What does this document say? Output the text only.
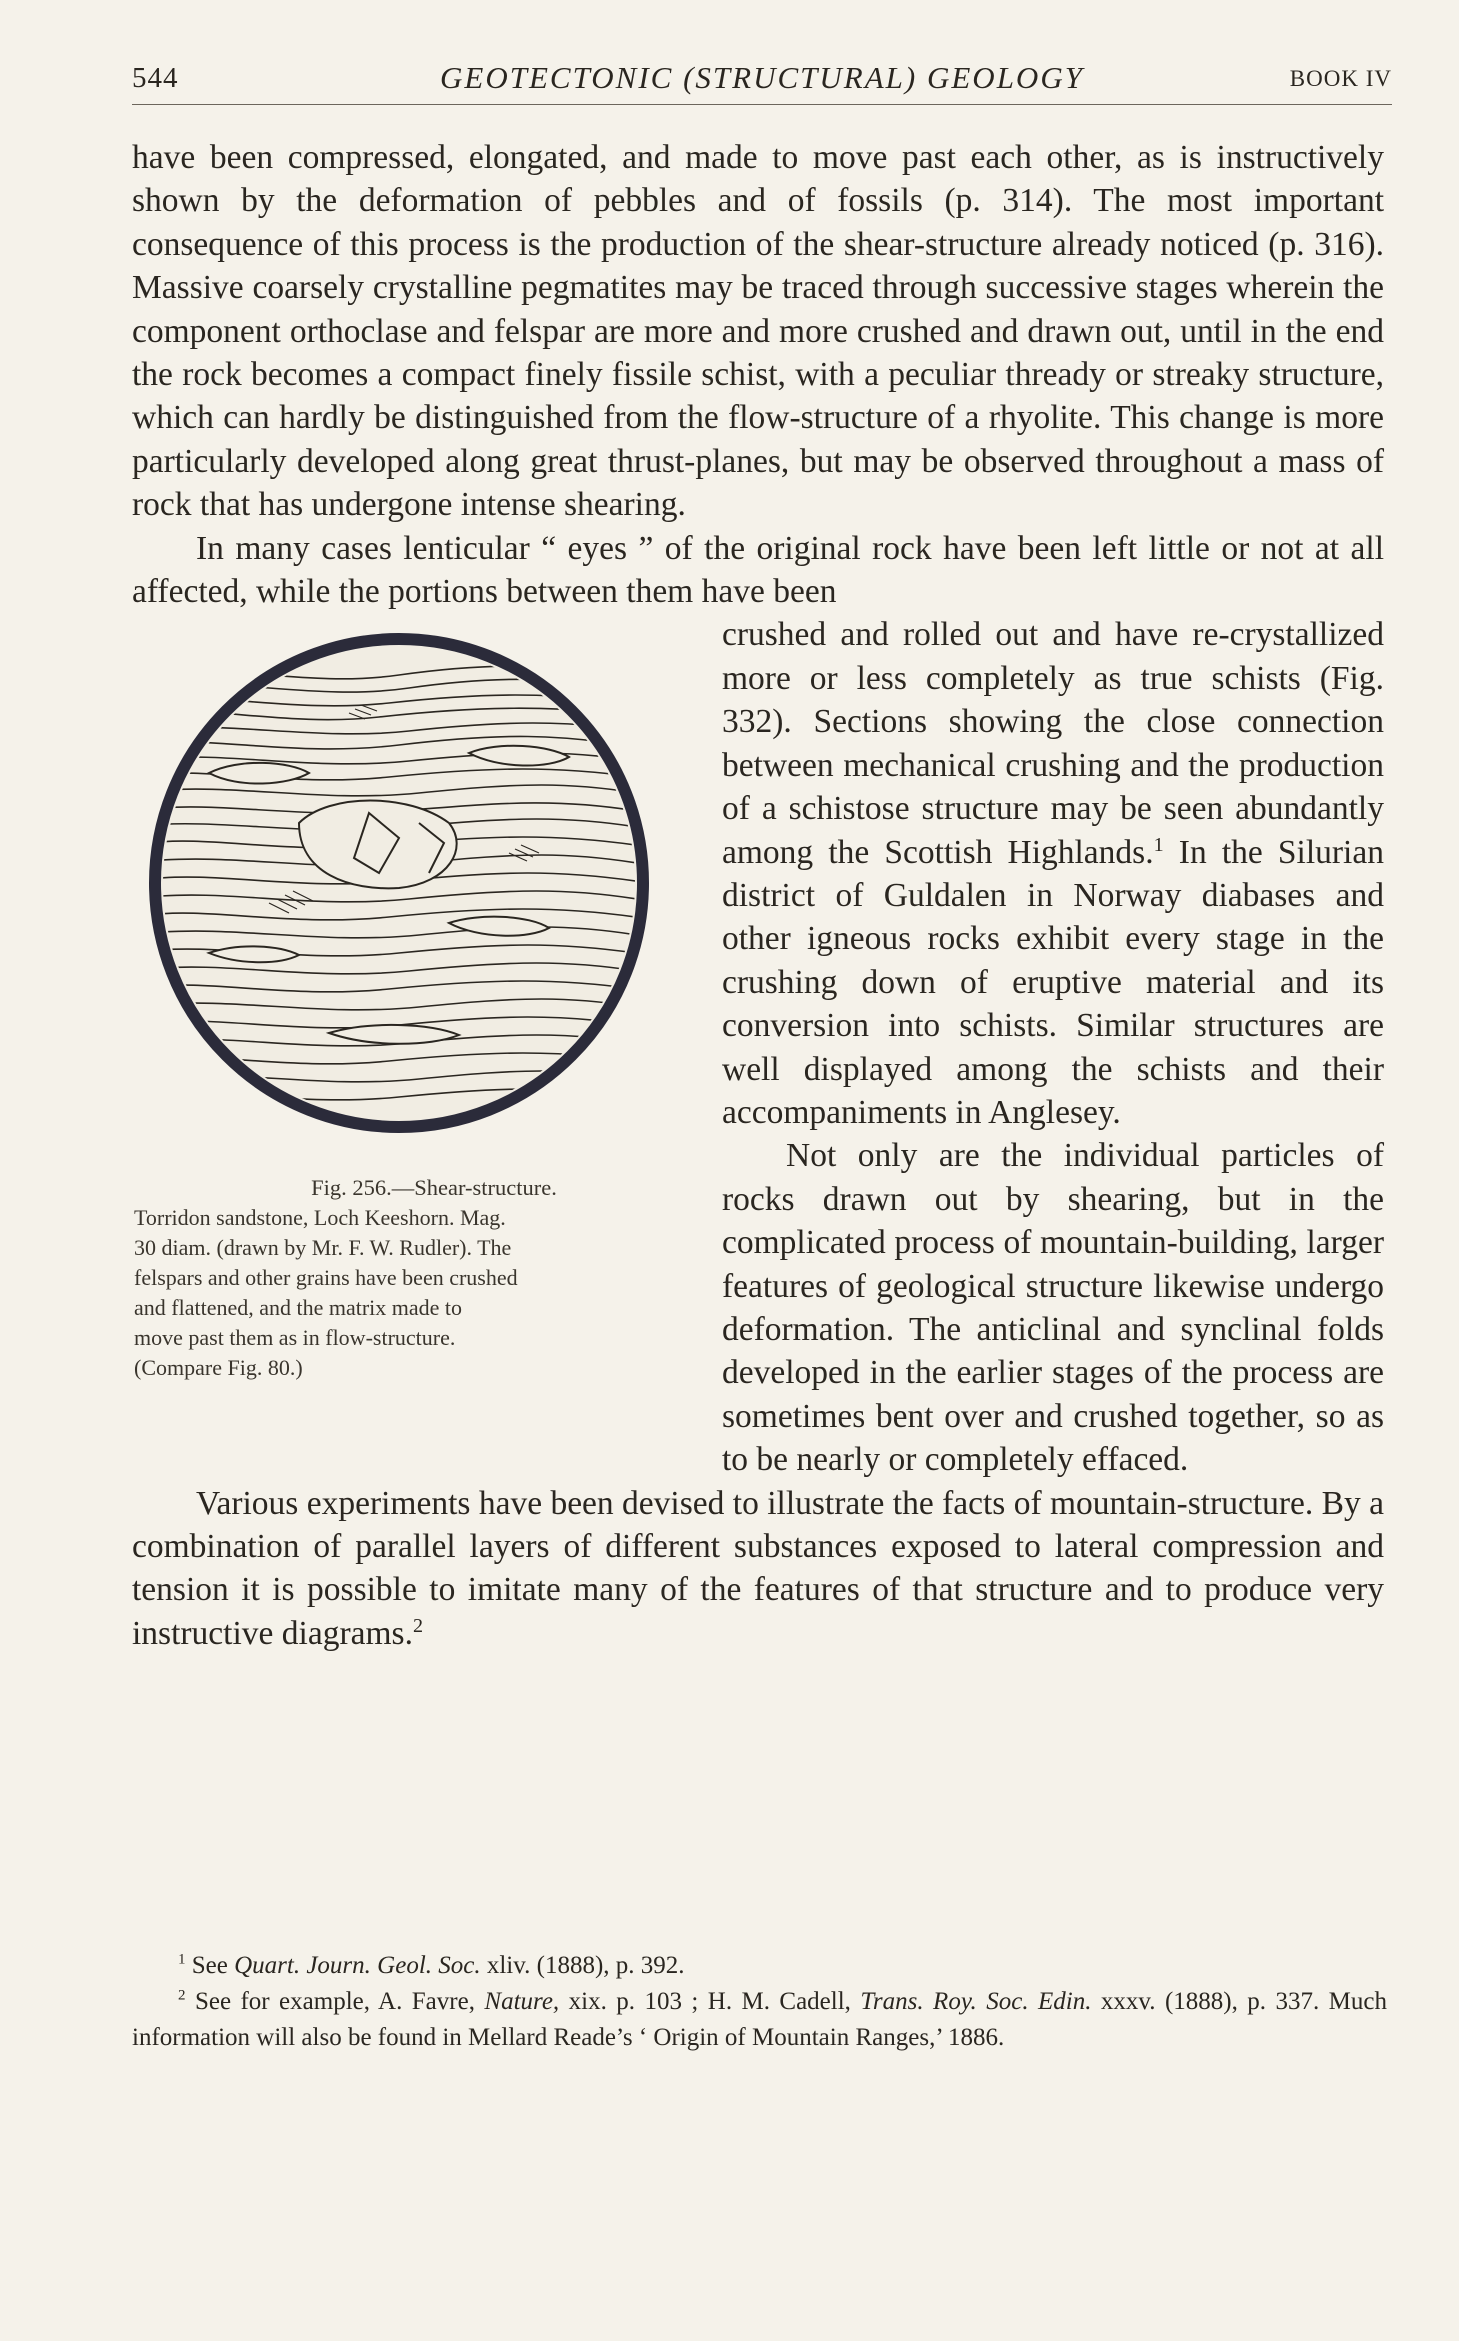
544	GEOTECTONIC (STRUCTURAL) GEOLOGY	BOOK IV

have been compressed, elongated, and made to move past each other, as is instructively shown by the deformation of pebbles and of fossils (p. 314). The most important consequence of this process is the production of the shear-structure already noticed (p. 316). Massive coarsely crystalline pegmatites may be traced through successive stages wherein the component orthoclase and felspar are more and more crushed and drawn out, until in the end the rock becomes a compact finely fissile schist, with a peculiar thready or streaky structure, which can hardly be distinguished from the flow-structure of a rhyolite. This change is more particularly developed along great thrust-planes, but may be observed throughout a mass of rock that has undergone intense shearing.

In many cases lenticular “ eyes ” of the original rock have been left little or not at all affected, while the portions between them have been

Fig. 256.—Shear-structure.
Torridon sandstone, Loch Keeshorn. Mag.
30 diam. (drawn by Mr. F. W. Rudler). The
felspars and other grains have been crushed
and flattened, and the matrix made to
move past them as in flow-structure.
(Compare Fig. 80.)

crushed and rolled out and have re-crystallized more or less completely as true schists (Fig. 332). Sections showing the close connection between mechanical crushing and the production of a schistose structure may be seen abundantly among the Scottish Highlands.$^1$ In the Silurian district of Guldalen in Norway diabases and other igneous rocks exhibit every stage in the crushing down of eruptive material and its conversion into schists. Similar structures are well displayed among the schists and their accompaniments in Anglesey.

Not only are the individual particles of rocks drawn out by shearing, but in the complicated process of mountain-building, larger features of geological structure likewise undergo deformation. The anticlinal and synclinal folds developed in the earlier stages of the process are sometimes bent over and crushed together, so as to be nearly or completely effaced.

Various experiments have been devised to illustrate the facts of mountain-structure. By a combination of parallel layers of different substances exposed to lateral compression and tension it is possible to imitate many of the features of that structure and to produce very instructive diagrams.$^2$

$^1$ See Quart. Journ. Geol. Soc. xliv. (1888), p. 392.

$^2$ See for example, A. Favre, Nature, xix. p. 103 ; H. M. Cadell, Trans. Roy. Soc. Edin. xxxv. (1888), p. 337. Much information will also be found in Mellard Reade’s ‘ Origin of Mountain Ranges,’ 1886.
